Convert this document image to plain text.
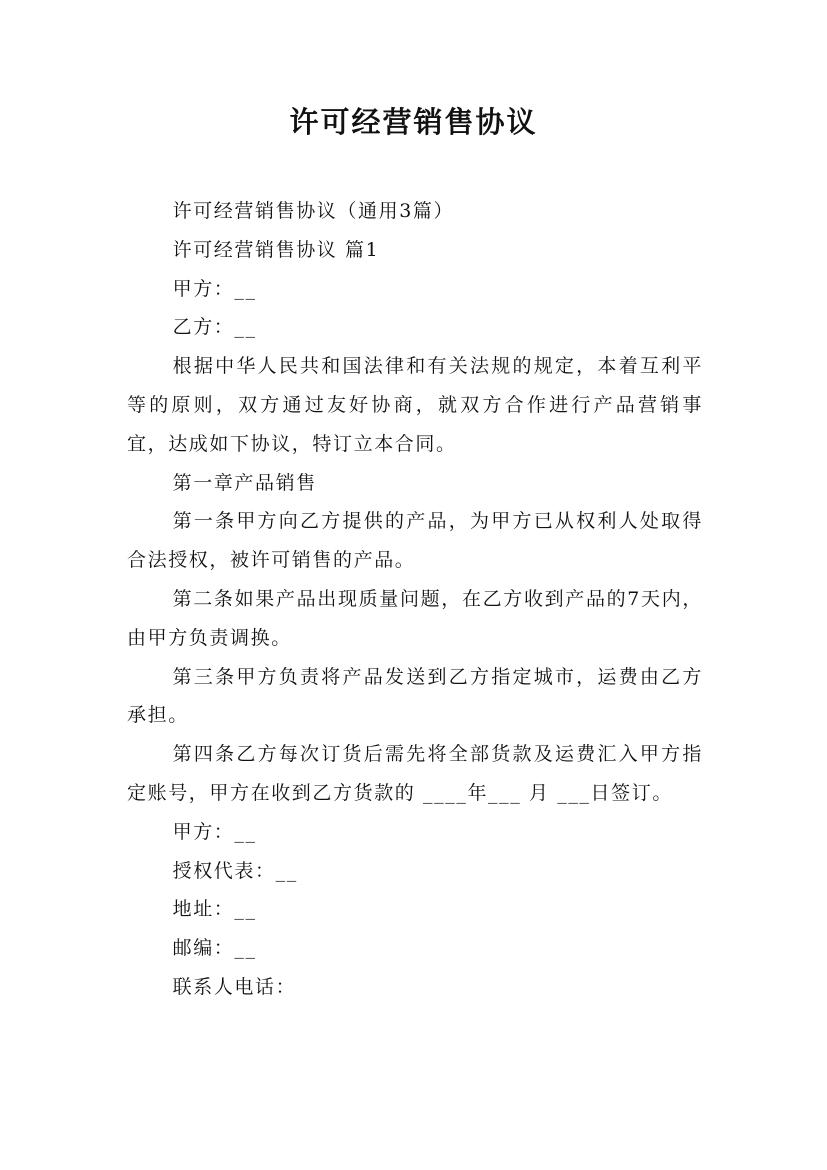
许可经营销售协议

许可经营销售协议（通用3篇）

许可经营销售协议 篇1

甲方：__

乙方：__

根据中华人民共和国法律和有关法规的规定，本着互利平等的原则，双方通过友好协商，就双方合作进行产品营销事宜，达成如下协议，特订立本合同。

第一章产品销售

第一条甲方向乙方提供的产品，为甲方已从权利人处取得合法授权，被许可销售的产品。

第二条如果产品出现质量问题，在乙方收到产品的7天内，由甲方负责调换。

第三条甲方负责将产品发送到乙方指定城市，运费由乙方承担。

第四条乙方每次订货后需先将全部货款及运费汇入甲方指定账号，甲方在收到乙方货款的 ____年___ 月 ___日签订。

甲方：__

授权代表：__

地址：__

邮编：__

联系人电话：
